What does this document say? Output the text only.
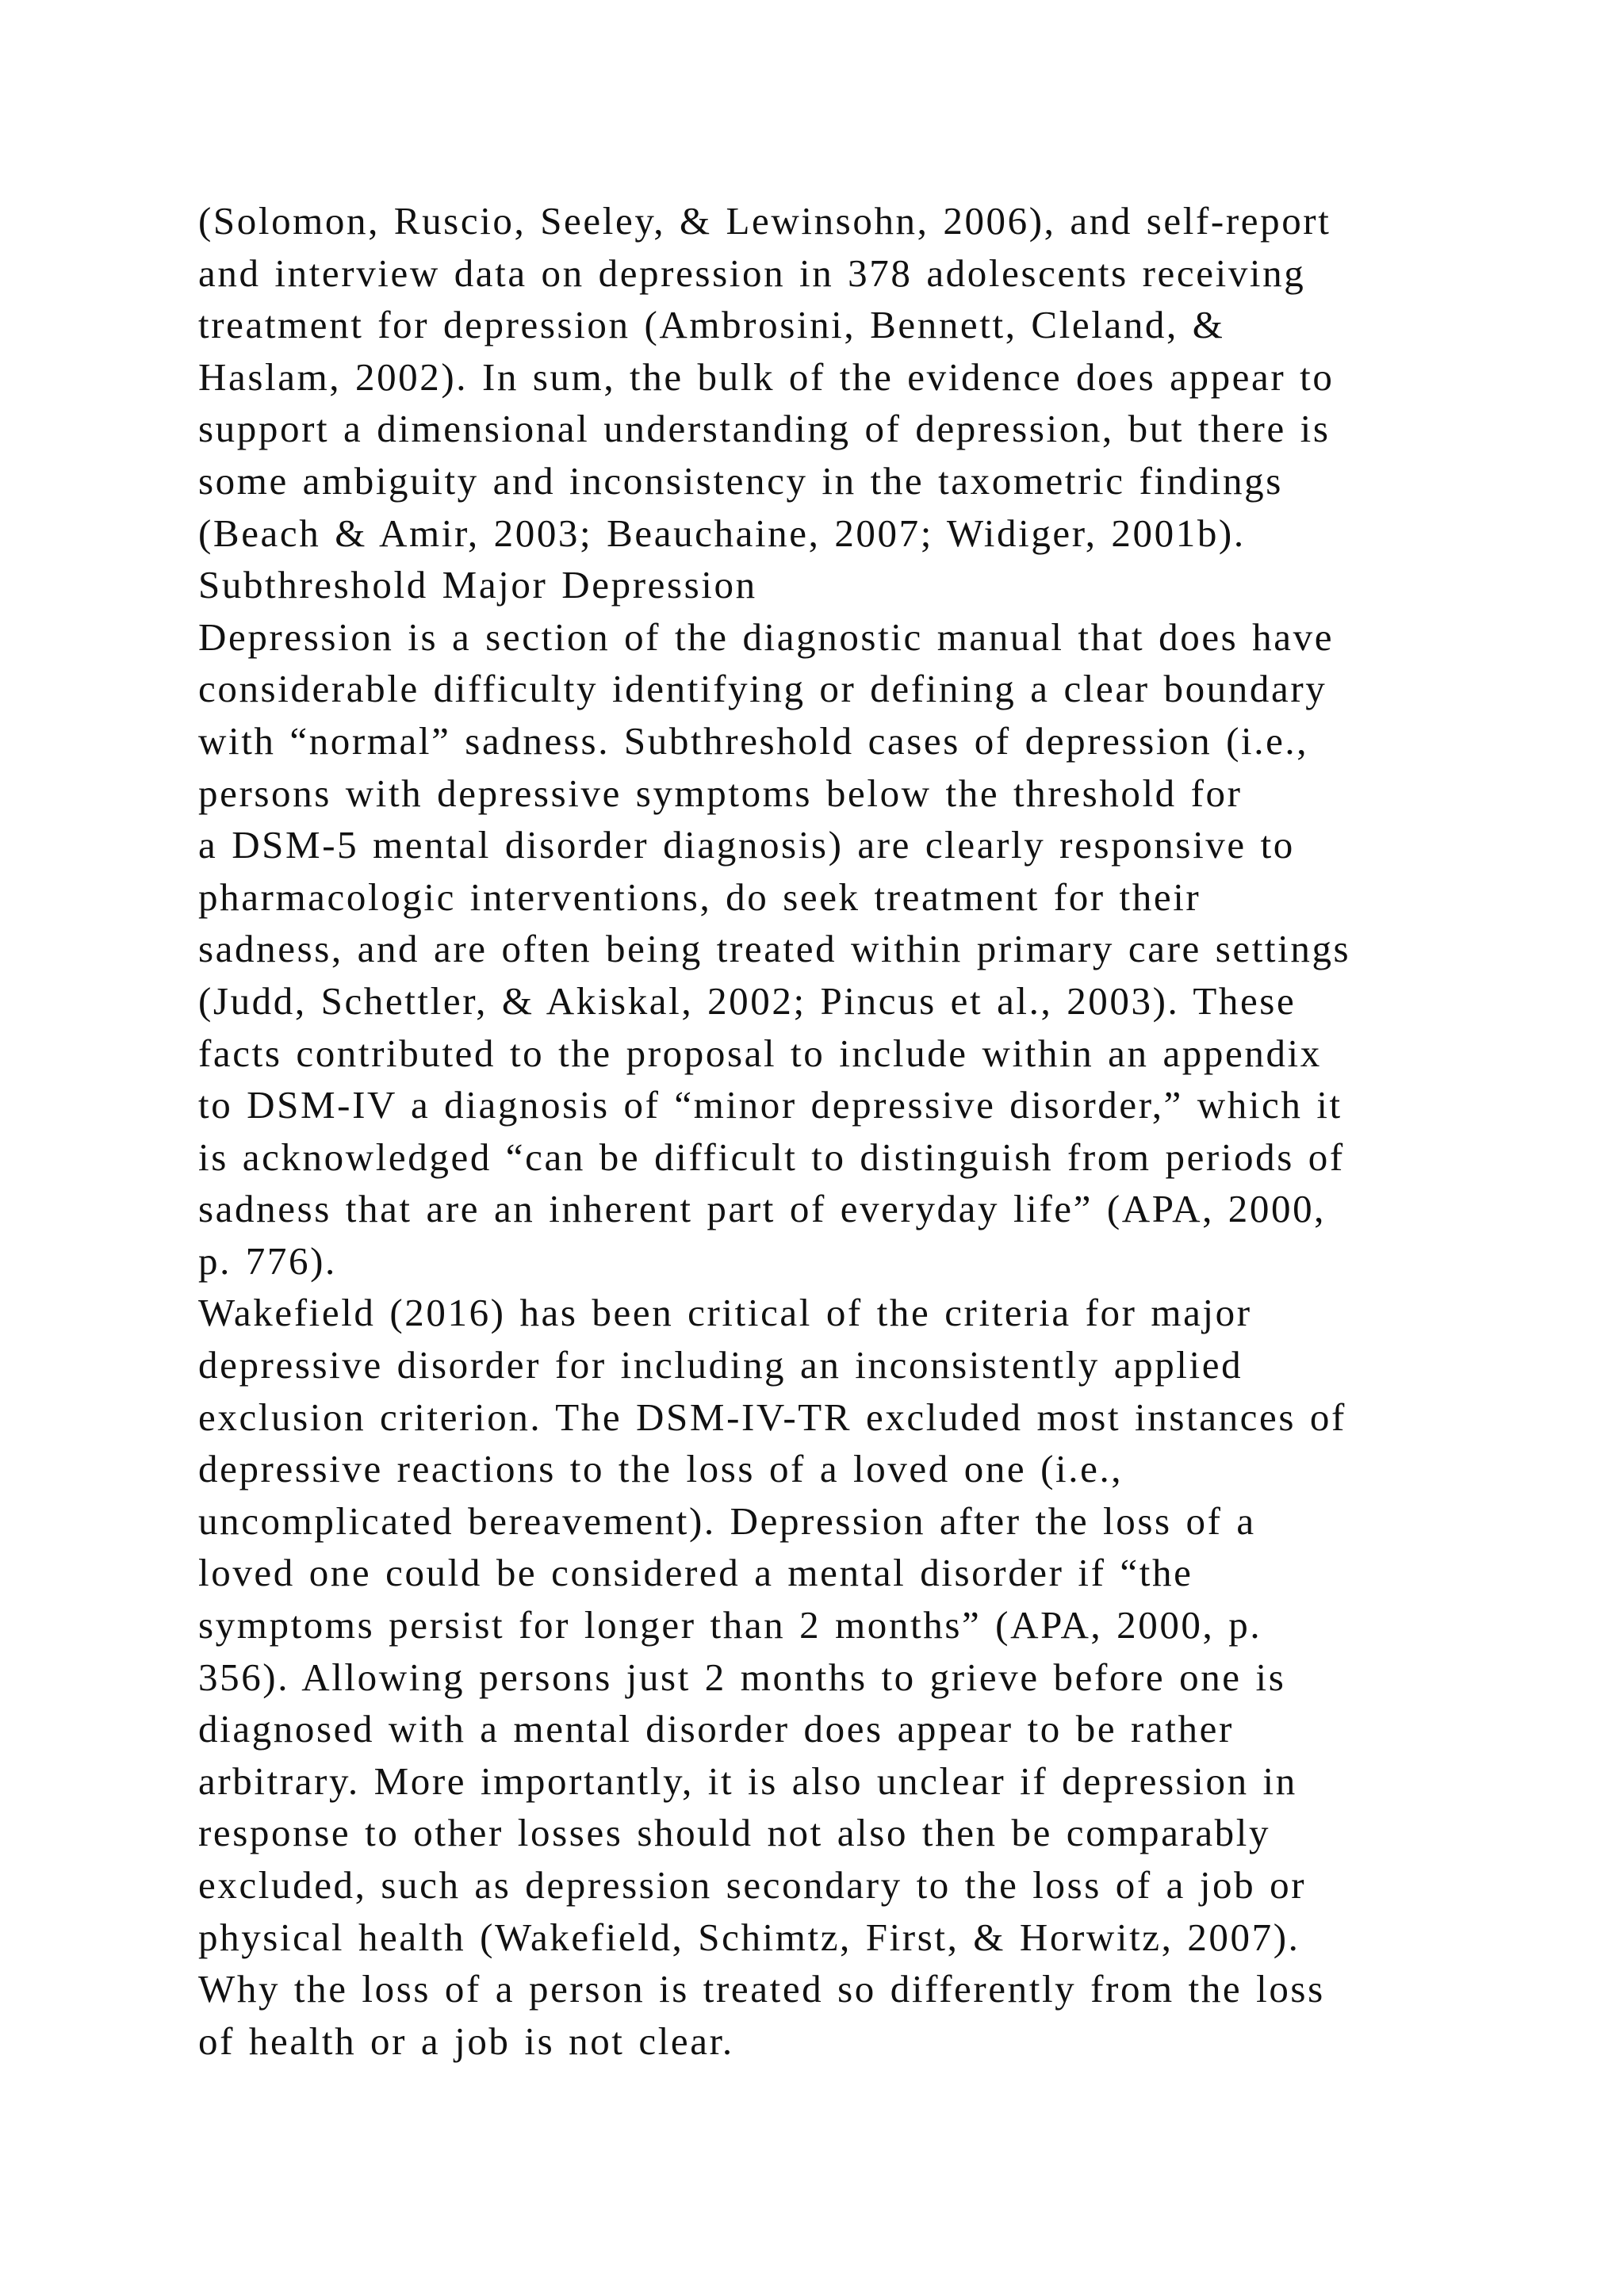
(Solomon, Ruscio, Seeley, & Lewinsohn, 2006), and self-report
and interview data on depression in 378 adolescents receiving
treatment for depression (Ambrosini, Bennett, Cleland, &
Haslam, 2002). In sum, the bulk of the evidence does appear to
support a dimensional understanding of depression, but there is
some ambiguity and inconsistency in the taxometric findings
(Beach & Amir, 2003; Beauchaine, 2007; Widiger, 2001b).
Subthreshold Major Depression
Depression is a section of the diagnostic manual that does have
considerable difficulty identifying or defining a clear boundary
with “normal” sadness. Subthreshold cases of depression (i.e.,
persons with depressive symptoms below the threshold for
a DSM-5 mental disorder diagnosis) are clearly responsive to
pharmacologic interventions, do seek treatment for their
sadness, and are often being treated within primary care settings
(Judd, Schettler, & Akiskal, 2002; Pincus et al., 2003). These
facts contributed to the proposal to include within an appendix
to DSM-IV a diagnosis of “minor depressive disorder,” which it
is acknowledged “can be difficult to distinguish from periods of
sadness that are an inherent part of everyday life” (APA, 2000,
p. 776).
Wakefield (2016) has been critical of the criteria for major
depressive disorder for including an inconsistently applied
exclusion criterion. The DSM-IV-TR excluded most instances of
depressive reactions to the loss of a loved one (i.e.,
uncomplicated bereavement). Depression after the loss of a
loved one could be considered a mental disorder if “the
symptoms persist for longer than 2 months” (APA, 2000, p.
356). Allowing persons just 2 months to grieve before one is
diagnosed with a mental disorder does appear to be rather
arbitrary. More importantly, it is also unclear if depression in
response to other losses should not also then be comparably
excluded, such as depression secondary to the loss of a job or
physical health (Wakefield, Schimtz, First, & Horwitz, 2007).
Why the loss of a person is treated so differently from the loss
of health or a job is not clear.
